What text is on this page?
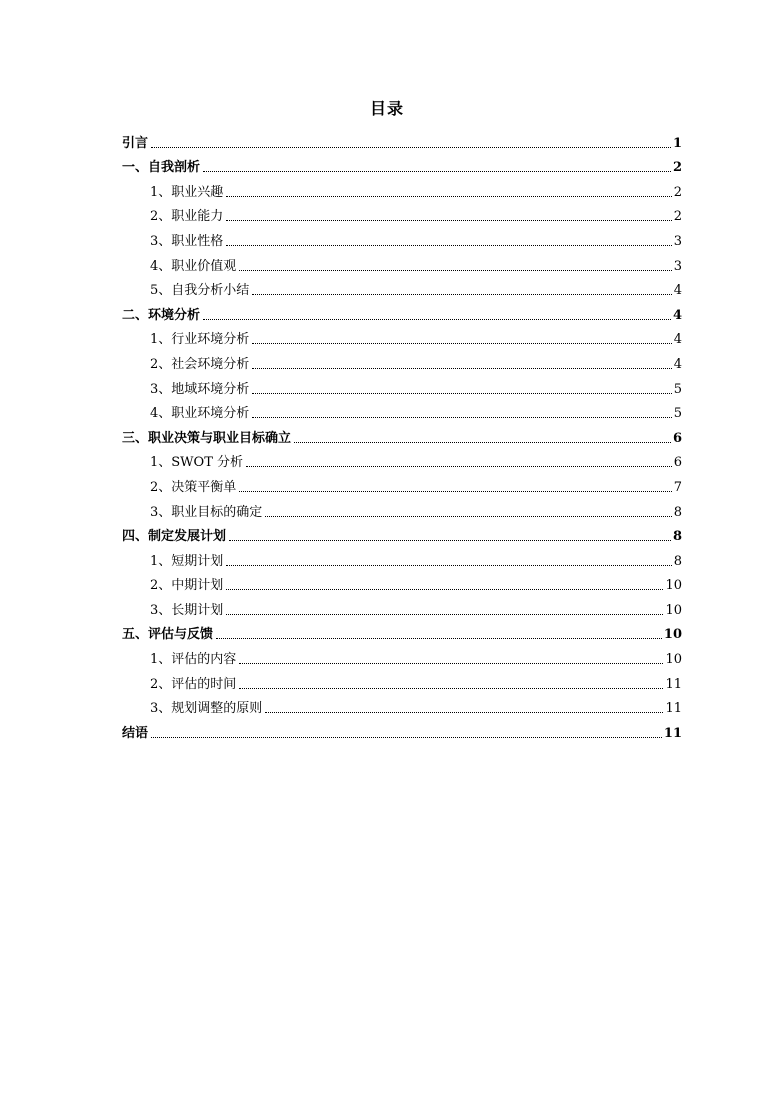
目录
引言	1
一、自我剖析	2
1、职业兴趣	2
2、职业能力	2
3、职业性格	3
4、职业价值观	3
5、自我分析小结	4
二、环境分析	4
1、行业环境分析	4
2、社会环境分析	4
3、地域环境分析	5
4、职业环境分析	5
三、职业决策与职业目标确立	6
1、SWOT 分析	6
2、决策平衡单	7
3、职业目标的确定	8
四、制定发展计划	8
1、短期计划	8
2、中期计划	10
3、长期计划	10
五、评估与反馈	10
1、评估的内容	10
2、评估的时间	11
3、规划调整的原则	11
结语	11
